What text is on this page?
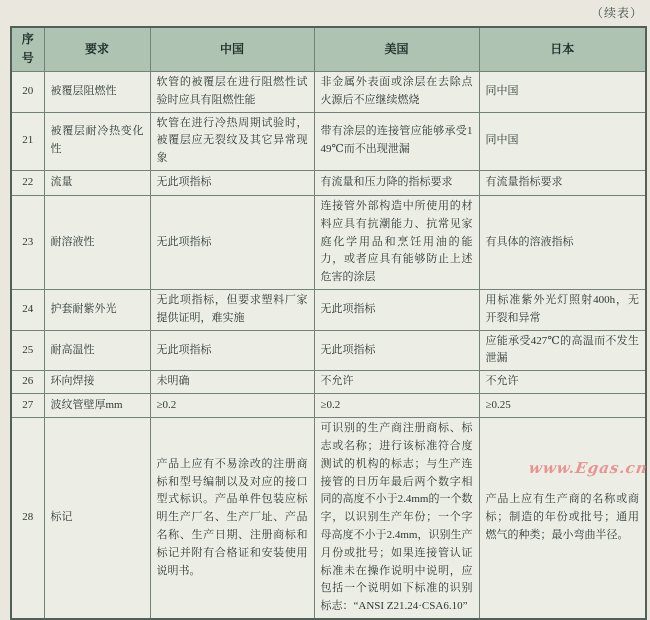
（续表）
序号	要求	中国	美国	日本
20	被覆层阻燃性	软管的被覆层在进行阻燃性试验时应具有阻燃性能	非金属外表面或涂层在去除点火源后不应继续燃烧	同中国
21	被覆层耐冷热变化性	软管在进行冷热周期试验时，被覆层应无裂纹及其它异常现象	带有涂层的连接管应能够承受149℃而不出现泄漏	同中国
22	流量	无此项指标	有流量和压力降的指标要求	有流量指标要求
23	耐溶液性	无此项指标	连接管外部构造中所使用的材料应具有抗潮能力、抗常见家庭化学用品和烹饪用油的能力，或者应具有能够防止上述危害的涂层	有具体的溶液指标
24	护套耐紫外光	无此项指标，但要求塑料厂家提供证明，难实施	无此项指标	用标准紫外光灯照射400h，无开裂和异常
25	耐高温性	无此项指标	无此项指标	应能承受427℃的高温而不发生泄漏
26	环向焊接	未明确	不允许	不允许
27	波纹管壁厚mm	≥0.2	≥0.2	≥0.25
28	标记	产品上应有不易涂改的注册商标和型号编制以及对应的接口型式标识。产品单件包装应标明生产厂名、生产厂址、产品名称、生产日期、注册商标和标记并附有合格证和安装使用说明书。	可识别的生产商注册商标、标志或名称；进行该标准符合度测试的机构的标志；与生产连接管的日历年最后两个数字相同的高度不小于2.4mm的一个数字，以识别生产年份；一个字母高度不小于2.4mm，识别生产月份或批号；如果连接管认证标准未在操作说明中说明，应包括一个说明如下标准的识别标志：“ANSI Z21.24·CSA6.10”	产品上应有生产商的名称或商标；制造的年份或批号；通用燃气的种类；最小弯曲半径。
www.Egas.cn
